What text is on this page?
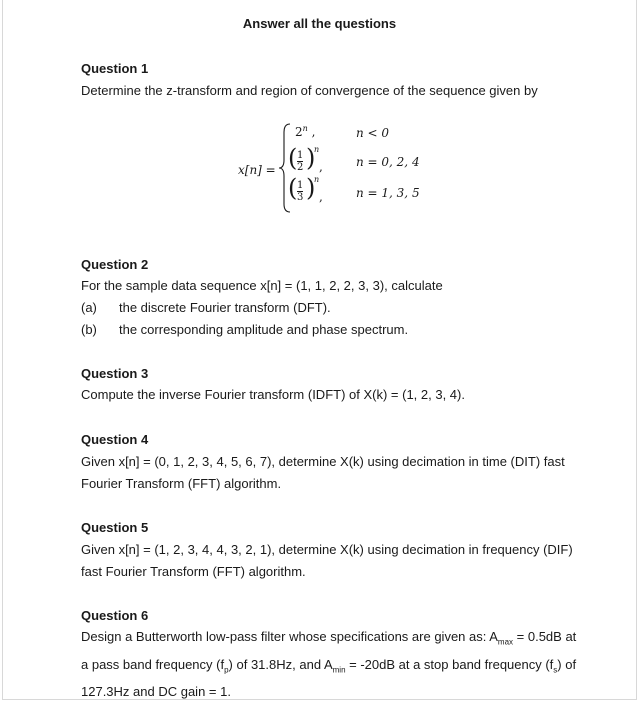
Answer all the questions
Question 1
Determine the z-transform and region of convergence of the sequence given by
x[n] =
$2^n$ ,	n < 0
( $\frac{1}{2}$ )
n
,	n = 0, 2, 4
( $\frac{1}{3}$ )
n
,	n = 1, 3, 5
Question 2
For the sample data sequence x[n] = (1, 1, 2, 2, 3, 3), calculate
(a) the discrete Fourier transform (DFT).
(b) the corresponding amplitude and phase spectrum.
Question 3
Compute the inverse Fourier transform (IDFT) of X(k) = (1, 2, 3, 4).
Question 4
Given x[n] = (0, 1, 2, 3, 4, 5, 6, 7), determine X(k) using decimation in time (DIT) fast
Fourier Transform (FFT) algorithm.
Question 5
Given x[n] = (1, 2, 3, 4, 4, 3, 2, 1), determine X(k) using decimation in frequency (DIF)
fast Fourier Transform (FFT) algorithm.
Question 6
Design a Butterworth low-pass filter whose specifications are given as: $A_{max} = 0.5dB$ at
a pass band frequency $(f_p)$ of 31.8Hz, and $A_{min} = -20dB$ at a stop band frequency $(f_s)$ of
127.3Hz and DC gain = 1.
